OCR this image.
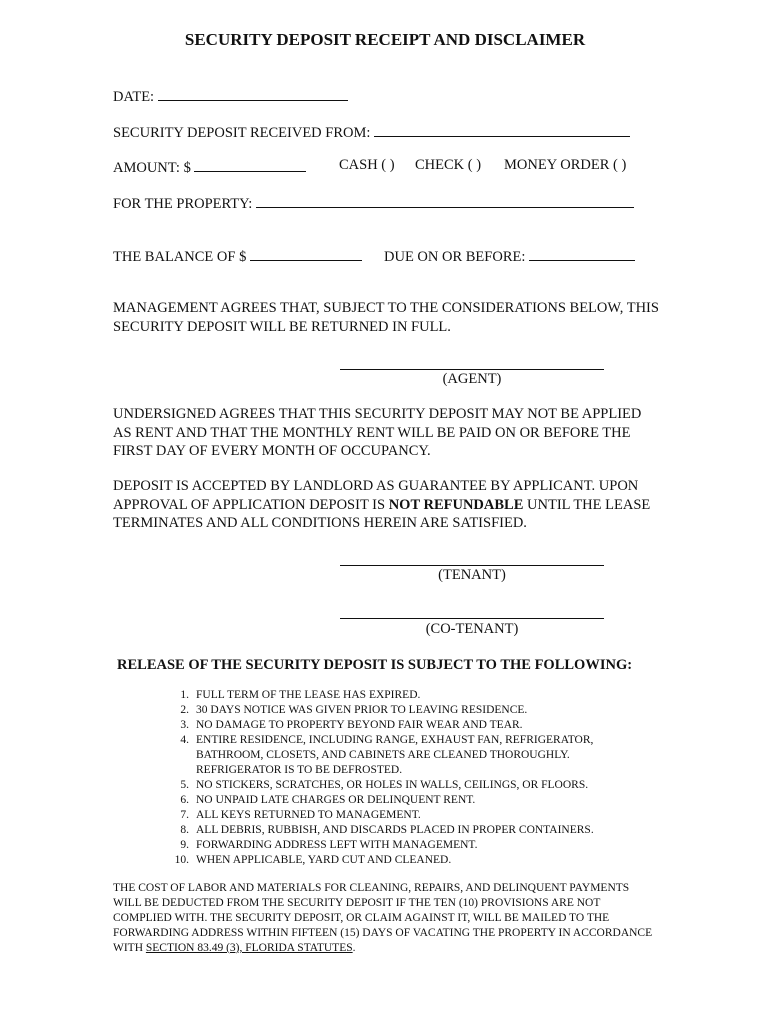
SECURITY DEPOSIT RECEIPT AND DISCLAIMER
DATE:
SECURITY DEPOSIT RECEIVED FROM:
AMOUNT: $	CASH ( ) CHECK ( ) MONEY ORDER ( )
FOR THE PROPERTY:
THE BALANCE OF $	DUE ON OR BEFORE:
MANAGEMENT AGREES THAT, SUBJECT TO THE CONSIDERATIONS BELOW, THIS SECURITY DEPOSIT WILL BE RETURNED IN FULL.
(AGENT)
UNDERSIGNED AGREES THAT THIS SECURITY DEPOSIT MAY NOT BE APPLIED AS RENT AND THAT THE MONTHLY RENT WILL BE PAID ON OR BEFORE THE FIRST DAY OF EVERY MONTH OF OCCUPANCY.
DEPOSIT IS ACCEPTED BY LANDLORD AS GUARANTEE BY APPLICANT. UPON APPROVAL OF APPLICATION DEPOSIT IS NOT REFUNDABLE UNTIL THE LEASE TERMINATES AND ALL CONDITIONS HEREIN ARE SATISFIED.
(TENANT)
(CO-TENANT)
RELEASE OF THE SECURITY DEPOSIT IS SUBJECT TO THE FOLLOWING:
1. FULL TERM OF THE LEASE HAS EXPIRED.
2. 30 DAYS NOTICE WAS GIVEN PRIOR TO LEAVING RESIDENCE.
3. NO DAMAGE TO PROPERTY BEYOND FAIR WEAR AND TEAR.
4. ENTIRE RESIDENCE, INCLUDING RANGE, EXHAUST FAN, REFRIGERATOR, BATHROOM, CLOSETS, AND CABINETS ARE CLEANED THOROUGHLY. REFRIGERATOR IS TO BE DEFROSTED.
5. NO STICKERS, SCRATCHES, OR HOLES IN WALLS, CEILINGS, OR FLOORS.
6. NO UNPAID LATE CHARGES OR DELINQUENT RENT.
7. ALL KEYS RETURNED TO MANAGEMENT.
8. ALL DEBRIS, RUBBISH, AND DISCARDS PLACED IN PROPER CONTAINERS.
9. FORWARDING ADDRESS LEFT WITH MANAGEMENT.
10. WHEN APPLICABLE, YARD CUT AND CLEANED.
THE COST OF LABOR AND MATERIALS FOR CLEANING, REPAIRS, AND DELINQUENT PAYMENTS WILL BE DEDUCTED FROM THE SECURITY DEPOSIT IF THE TEN (10) PROVISIONS ARE NOT COMPLIED WITH. THE SECURITY DEPOSIT, OR CLAIM AGAINST IT, WILL BE MAILED TO THE FORWARDING ADDRESS WITHIN FIFTEEN (15) DAYS OF VACATING THE PROPERTY IN ACCORDANCE WITH SECTION 83.49 (3), FLORIDA STATUTES.
